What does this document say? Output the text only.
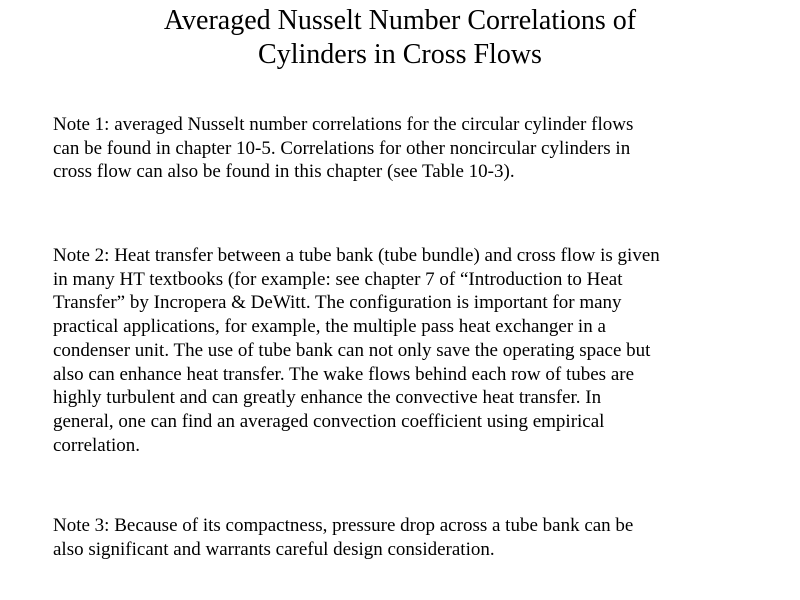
Averaged Nusselt Number Correlations of
Cylinders in Cross Flows

Note 1: averaged Nusselt number correlations for the circular cylinder flows
can be found in chapter 10-5. Correlations for other noncircular cylinders in
cross flow can also be found in this chapter (see Table 10-3).

Note 2: Heat transfer between a tube bank (tube bundle) and cross flow is given
in many HT textbooks (for example: see chapter 7 of “Introduction to Heat
Transfer” by Incropera & DeWitt. The configuration is important for many
practical applications, for example, the multiple pass heat exchanger in a
condenser unit. The use of tube bank can not only save the operating space but
also can enhance heat transfer. The wake flows behind each row of tubes are
highly turbulent and can greatly enhance the convective heat transfer. In
general, one can find an averaged convection coefficient using empirical
correlation.

Note 3: Because of its compactness, pressure drop across a tube bank can be
also significant and warrants careful design consideration.
